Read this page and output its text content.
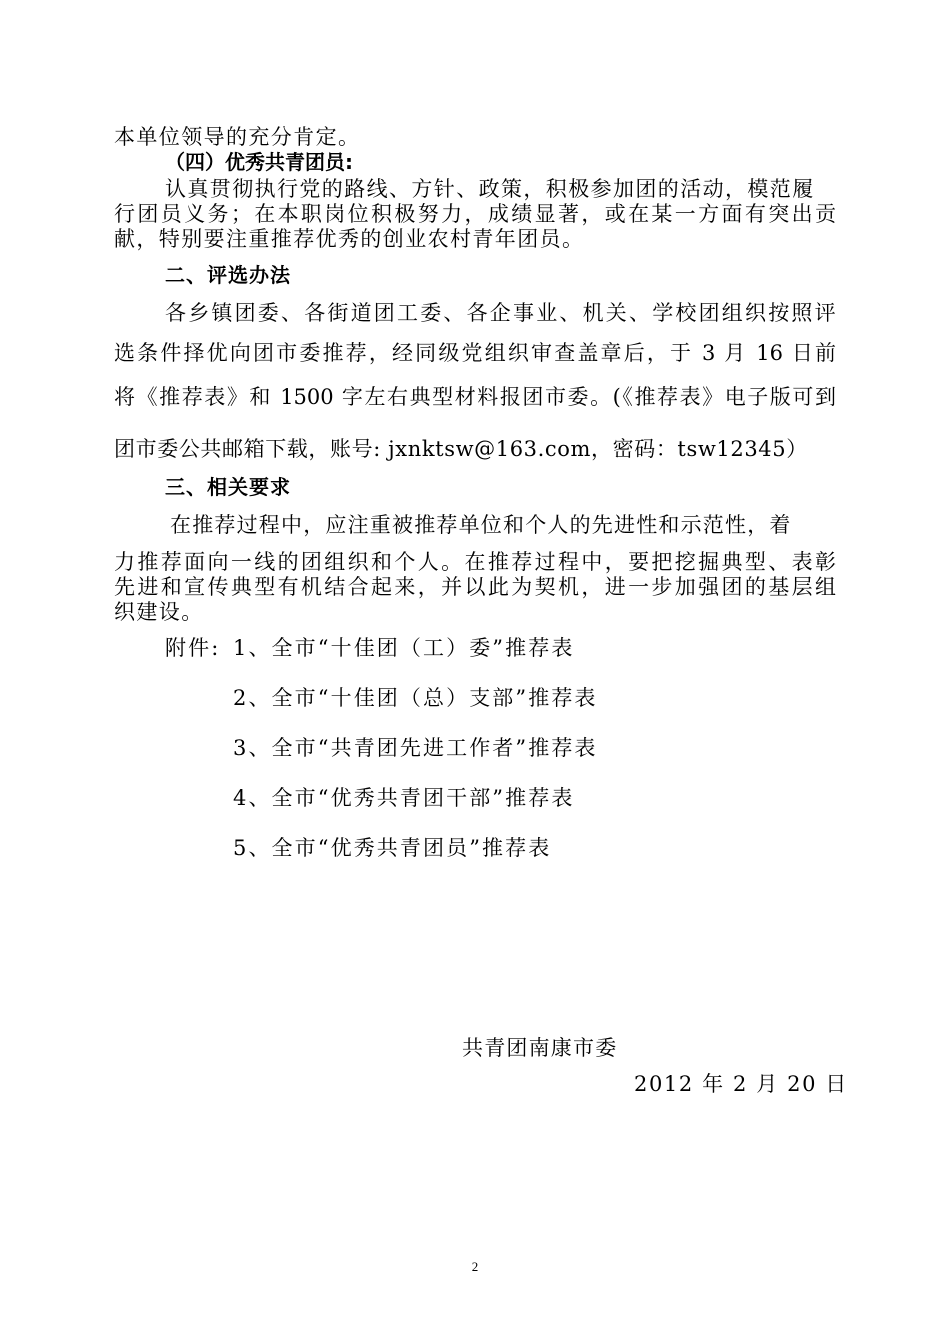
本单位领导的充分肯定。

（四）优秀共青团员:

认真贯彻执行党的路线、方针、政策，积极参加团的活动，模范履

行团员义务；在本职岗位积极努力，成绩显著，或在某一方面有突出贡

献，特别要注重推荐优秀的创业农村青年团员。

二、评选办法

各乡镇团委、各街道团工委、各企事业、机关、学校团组织按照评

选条件择优向团市委推荐，经同级党组织审查盖章后，于 3 月 16 日前

将《推荐表》和 1500 字左右典型材料报团市委。(《推荐表》电子版可到

团市委公共邮箱下载，账号: jxnktsw@163.com，密码：tsw12345）

三、相关要求

在推荐过程中，应注重被推荐单位和个人的先进性和示范性，着

力推荐面向一线的团组织和个人。在推荐过程中，要把挖掘典型、表彰

先进和宣传典型有机结合起来，并以此为契机，进一步加强团的基层组

织建设。

附件: 1、全市“十佳团（工）委”推荐表

2、全市“十佳团（总）支部”推荐表

3、全市“共青团先进工作者”推荐表

4、全市“优秀共青团干部”推荐表

5、全市“优秀共青团员”推荐表

共青团南康市委

2012 年 2 月 20 日

2
